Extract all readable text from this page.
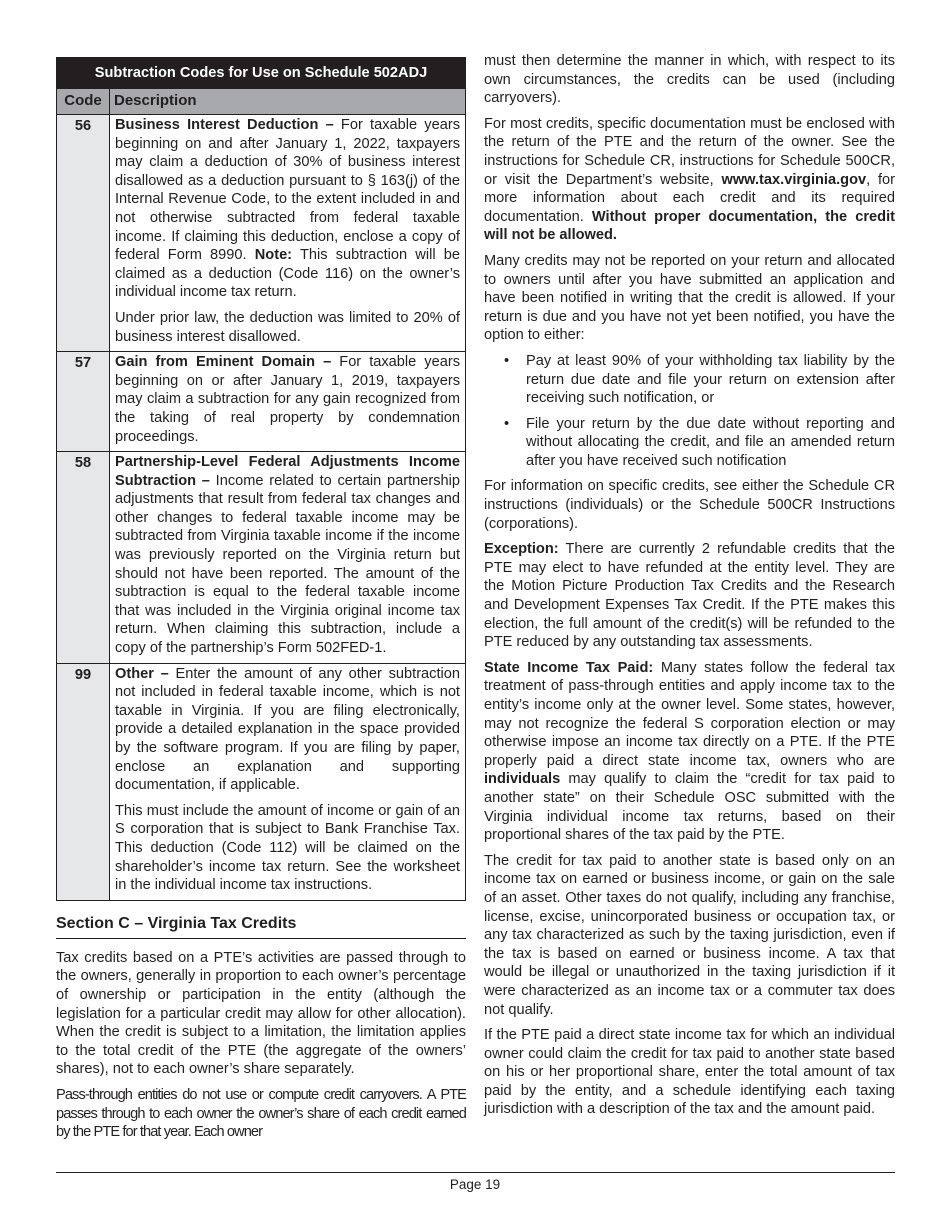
Subtraction Codes for Use on Schedule 502ADJ	
Code	Description
56	Business Interest Deduction – For taxable years beginning on and after January 1, 2022, taxpayers may claim a deduction of 30% of business interest disallowed as a deduction pursuant to § 163(j) of the Internal Revenue Code, to the extent included in and not otherwise subtracted from federal taxable income. If claiming this deduction, enclose a copy of federal Form 8990. Note: This subtraction will be claimed as a deduction (Code 116) on the owner’s individual income tax return.

Under prior law, the deduction was limited to 20% of business interest disallowed.

57	Gain from Eminent Domain – For taxable years beginning on or after January 1, 2019, taxpayers may claim a subtraction for any gain recognized from the taking of real property by condemnation proceedings.

58	Partnership-Level Federal Adjustments Income Subtraction – Income related to certain partnership adjustments that result from federal tax changes and other changes to federal taxable income may be subtracted from Virginia taxable income if the income was previously reported on the Virginia return but should not have been reported. The amount of the subtraction is equal to the federal taxable income that was included in the Virginia original income tax return. When claiming this subtraction, include a copy of the partnership’s Form 502FED-1.

99	Other – Enter the amount of any other subtraction not included in federal taxable income, which is not taxable in Virginia. If you are filing electronically, provide a detailed explanation in the space provided by the software program. If you are filing by paper, enclose an explanation and supporting documentation, if applicable.

This must include the amount of income or gain of an S corporation that is subject to Bank Franchise Tax. This deduction (Code 112) will be claimed on the shareholder’s income tax return. See the worksheet in the individual income tax instructions.

Section C – Virginia Tax Credits

Tax credits based on a PTE’s activities are passed through to the owners, generally in proportion to each owner’s percentage of ownership or participation in the entity (although the legislation for a particular credit may allow for other allocation). When the credit is subject to a limitation, the limitation applies to the total credit of the PTE (the aggregate of the owners’ shares), not to each owner’s share separately.

Pass-through entities do not use or compute credit carryovers. A PTE passes through to each owner the owner’s share of each credit earned by the PTE for that year. Each owner

must then determine the manner in which, with respect to its own circumstances, the credits can be used (including carryovers).

For most credits, specific documentation must be enclosed with the return of the PTE and the return of the owner. See the instructions for Schedule CR, instructions for Schedule 500CR, or visit the Department’s website, www.tax.virginia.gov, for more information about each credit and its required documentation. Without proper documentation, the credit will not be allowed.

Many credits may not be reported on your return and allocated to owners until after you have submitted an application and have been notified in writing that the credit is allowed. If your return is due and you have not yet been notified, you have the option to either:

• Pay at least 90% of your withholding tax liability by the return due date and file your return on extension after receiving such notification, or
• File your return by the due date without reporting and without allocating the credit, and file an amended return after you have received such notification

For information on specific credits, see either the Schedule CR instructions (individuals) or the Schedule 500CR Instructions (corporations).

Exception: There are currently 2 refundable credits that the PTE may elect to have refunded at the entity level. They are the Motion Picture Production Tax Credits and the Research and Development Expenses Tax Credit. If the PTE makes this election, the full amount of the credit(s) will be refunded to the PTE reduced by any outstanding tax assessments.

State Income Tax Paid: Many states follow the federal tax treatment of pass-through entities and apply income tax to the entity’s income only at the owner level. Some states, however, may not recognize the federal S corporation election or may otherwise impose an income tax directly on a PTE. If the PTE properly paid a direct state income tax, owners who are individuals may qualify to claim the “credit for tax paid to another state” on their Schedule OSC submitted with the Virginia individual income tax returns, based on their proportional shares of the tax paid by the PTE.

The credit for tax paid to another state is based only on an income tax on earned or business income, or gain on the sale of an asset. Other taxes do not qualify, including any franchise, license, excise, unincorporated business or occupation tax, or any tax characterized as such by the taxing jurisdiction, even if the tax is based on earned or business income. A tax that would be illegal or unauthorized in the taxing jurisdiction if it were characterized as an income tax or a commuter tax does not qualify.

If the PTE paid a direct state income tax for which an individual owner could claim the credit for tax paid to another state based on his or her proportional share, enter the total amount of tax paid by the entity, and a schedule identifying each taxing jurisdiction with a description of the tax and the amount paid.

Page 19
